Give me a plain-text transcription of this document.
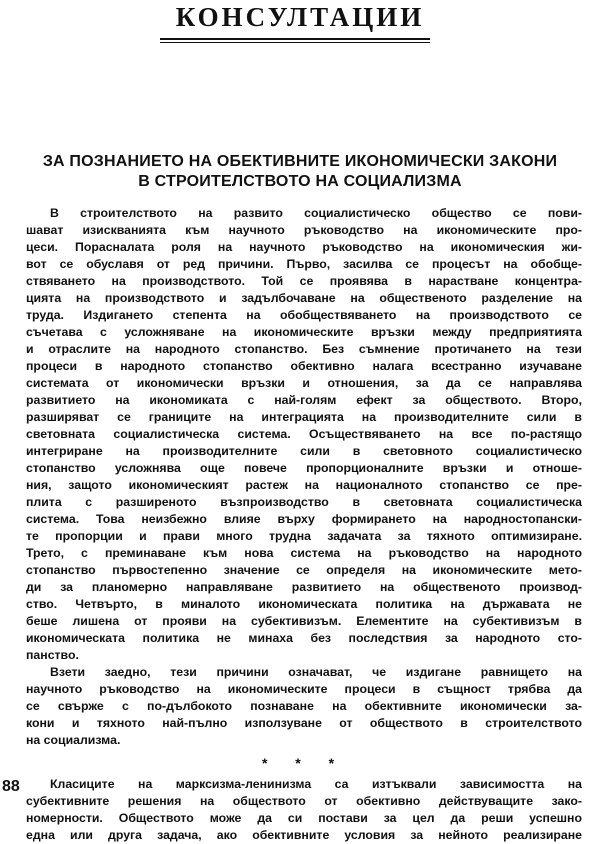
КОНСУЛТАЦИИ
ЗА ПОЗНАНИЕТО НА ОБЕКТИВНИТЕ ИКОНОМИЧЕСКИ ЗАКОНИ
В СТРОИТЕЛСТВОТО НА СОЦИАЛИЗМА
В строителството на развито социалистическо общество се пови-
шават изискванията към научното ръководство на икономическите про-
цеси. Порасналата роля на научното ръководство на икономическия жи-
вот се обуславя от ред причини. Първо, засилва се процесът на обобще-
ствяването на производството. Той се проявява в нарастване концентра-
цията на производството и задълбочаване на общественото разделение на
труда. Издигането степента на обобществяването на производството се
съчетава с усложняване на икономическите връзки между предприятията
и отраслите на народното стопанство. Без съмнение протичането на тези
процеси в народното стопанство обективно налага всестранно изучаване
системата от икономически връзки и отношения, за да се направлява
развитието на икономиката с най-голям ефект за обществото. Второ,
разширяват се границите на интеграцията на производителните сили в
световната социалистическа система. Осъществяването на все по-растящо
интегриране на производителните сили в световното социалистическо
стопанство усложнява още повече пропорционалните връзки и отноше-
ния, защото икономическият растеж на националното стопанство се пре-
плита с разширеното възпроизводство в световната социалистическа
система. Това неизбежно влияе върху формирането на народностопански-
те пропорции и прави много трудна задачата за тяхното оптимизиране.
Трето, с преминаване към нова система на ръководство на народното
стопанство първостепенно значение се определя на икономическите мето-
ди за планомерно направляване развитието на общественото производ-
ство. Четвърто, в миналото икономическата политика на държавата не
беше лишена от прояви на субективизъм. Елементите на субективизъм в
икономическата политика не минаха без последствия за народното сто-
панство.
Взети заедно, тези причини означават, че издигане равнището на
научното ръководство на икономическите процеси в същност трябва да
се свърже с по-дълбокото познаване на обективните икономически за-
кони и тяхното най-пълно използуване от обществото в строителството
на социализма.
* * *
Класиците на марксизма-ленинизма са изтъквали зависимостта на
субективните решения на обществото от обективно действуващите зако-
номерности. Обществото може да си постави за цел да реши успешно
една или друга задача, ако обективните условия за нейното реализиране
88
